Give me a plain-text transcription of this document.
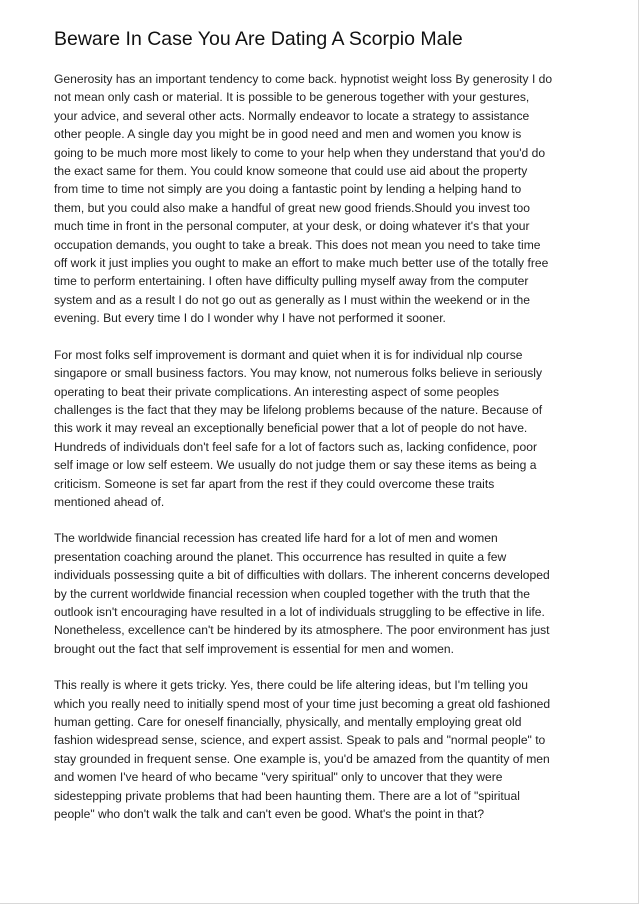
Beware In Case You Are Dating A Scorpio Male

Generosity has an important tendency to come back. hypnotist weight loss By generosity I do
not mean only cash or material. It is possible to be generous together with your gestures,
your advice, and several other acts. Normally endeavor to locate a strategy to assistance
other people. A single day you might be in good need and men and women you know is
going to be much more most likely to come to your help when they understand that you'd do
the exact same for them. You could know someone that could use aid about the property
from time to time not simply are you doing a fantastic point by lending a helping hand to
them, but you could also make a handful of great new good friends.Should you invest too
much time in front in the personal computer, at your desk, or doing whatever it's that your
occupation demands, you ought to take a break. This does not mean you need to take time
off work it just implies you ought to make an effort to make much better use of the totally free
time to perform entertaining. I often have difficulty pulling myself away from the computer
system and as a result I do not go out as generally as I must within the weekend or in the
evening. But every time I do I wonder why I have not performed it sooner.

For most folks self improvement is dormant and quiet when it is for individual nlp course
singapore or small business factors. You may know, not numerous folks believe in seriously
operating to beat their private complications. An interesting aspect of some peoples
challenges is the fact that they may be lifelong problems because of the nature. Because of
this work it may reveal an exceptionally beneficial power that a lot of people do not have.
Hundreds of individuals don't feel safe for a lot of factors such as, lacking confidence, poor
self image or low self esteem. We usually do not judge them or say these items as being a
criticism. Someone is set far apart from the rest if they could overcome these traits
mentioned ahead of.

The worldwide financial recession has created life hard for a lot of men and women
presentation coaching around the planet. This occurrence has resulted in quite a few
individuals possessing quite a bit of difficulties with dollars. The inherent concerns developed
by the current worldwide financial recession when coupled together with the truth that the
outlook isn't encouraging have resulted in a lot of individuals struggling to be effective in life.
Nonetheless, excellence can't be hindered by its atmosphere. The poor environment has just
brought out the fact that self improvement is essential for men and women.

This really is where it gets tricky. Yes, there could be life altering ideas, but I'm telling you
which you really need to initially spend most of your time just becoming a great old fashioned
human getting. Care for oneself financially, physically, and mentally employing great old
fashion widespread sense, science, and expert assist. Speak to pals and "normal people" to
stay grounded in frequent sense. One example is, you'd be amazed from the quantity of men
and women I've heard of who became "very spiritual" only to uncover that they were
sidestepping private problems that had been haunting them. There are a lot of "spiritual
people" who don't walk the talk and can't even be good. What's the point in that?
